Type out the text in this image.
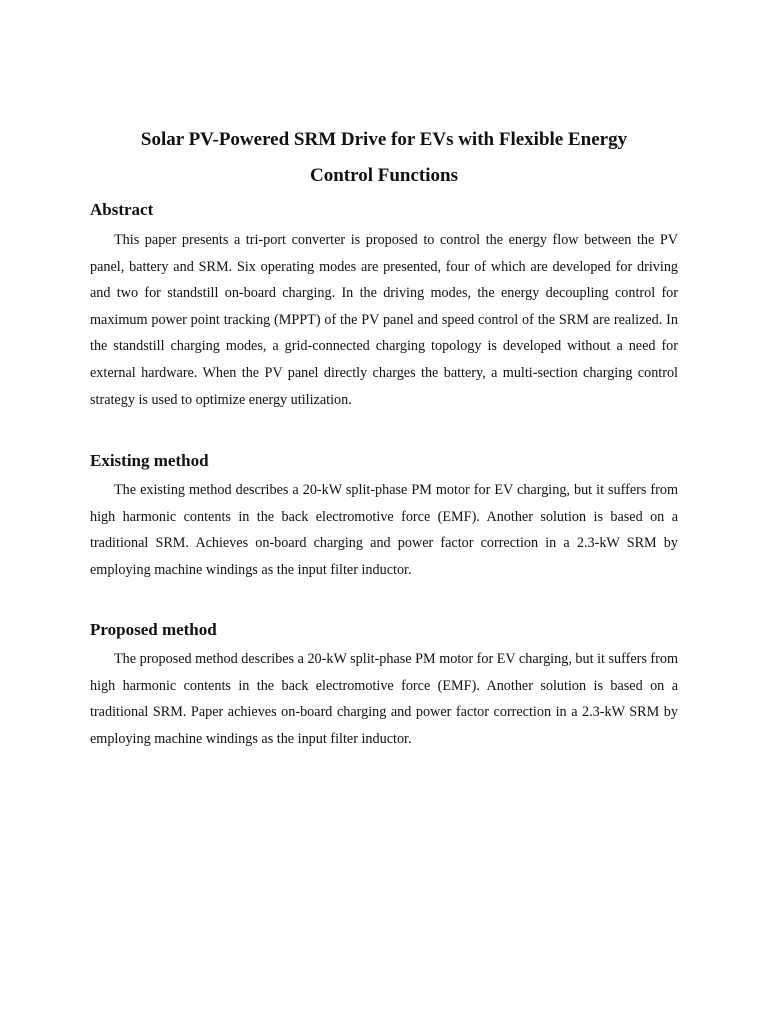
Solar PV-Powered SRM Drive for EVs with Flexible Energy
Control Functions
Abstract

This paper presents a tri-port converter is proposed to control the energy flow between the PV panel, battery and SRM. Six operating modes are presented, four of which are developed for driving and two for standstill on-board charging. In the driving modes, the energy decoupling control for maximum power point tracking (MPPT) of the PV panel and speed control of the SRM are realized. In the standstill charging modes, a grid-connected charging topology is developed without a need for external hardware. When the PV panel directly charges the battery, a multi-section charging control strategy is used to optimize energy utilization.

Existing method

The existing method describes a 20-kW split-phase PM motor for EV charging, but it suffers from high harmonic contents in the back electromotive force (EMF). Another solution is based on a traditional SRM. Achieves on-board charging and power factor correction in a 2.3-kW SRM by employing machine windings as the input filter inductor.

Proposed method

The proposed method describes a 20-kW split-phase PM motor for EV charging, but it suffers from high harmonic contents in the back electromotive force (EMF). Another solution is based on a traditional SRM. Paper achieves on-board charging and power factor correction in a 2.3-kW SRM by employing machine windings as the input filter inductor.
